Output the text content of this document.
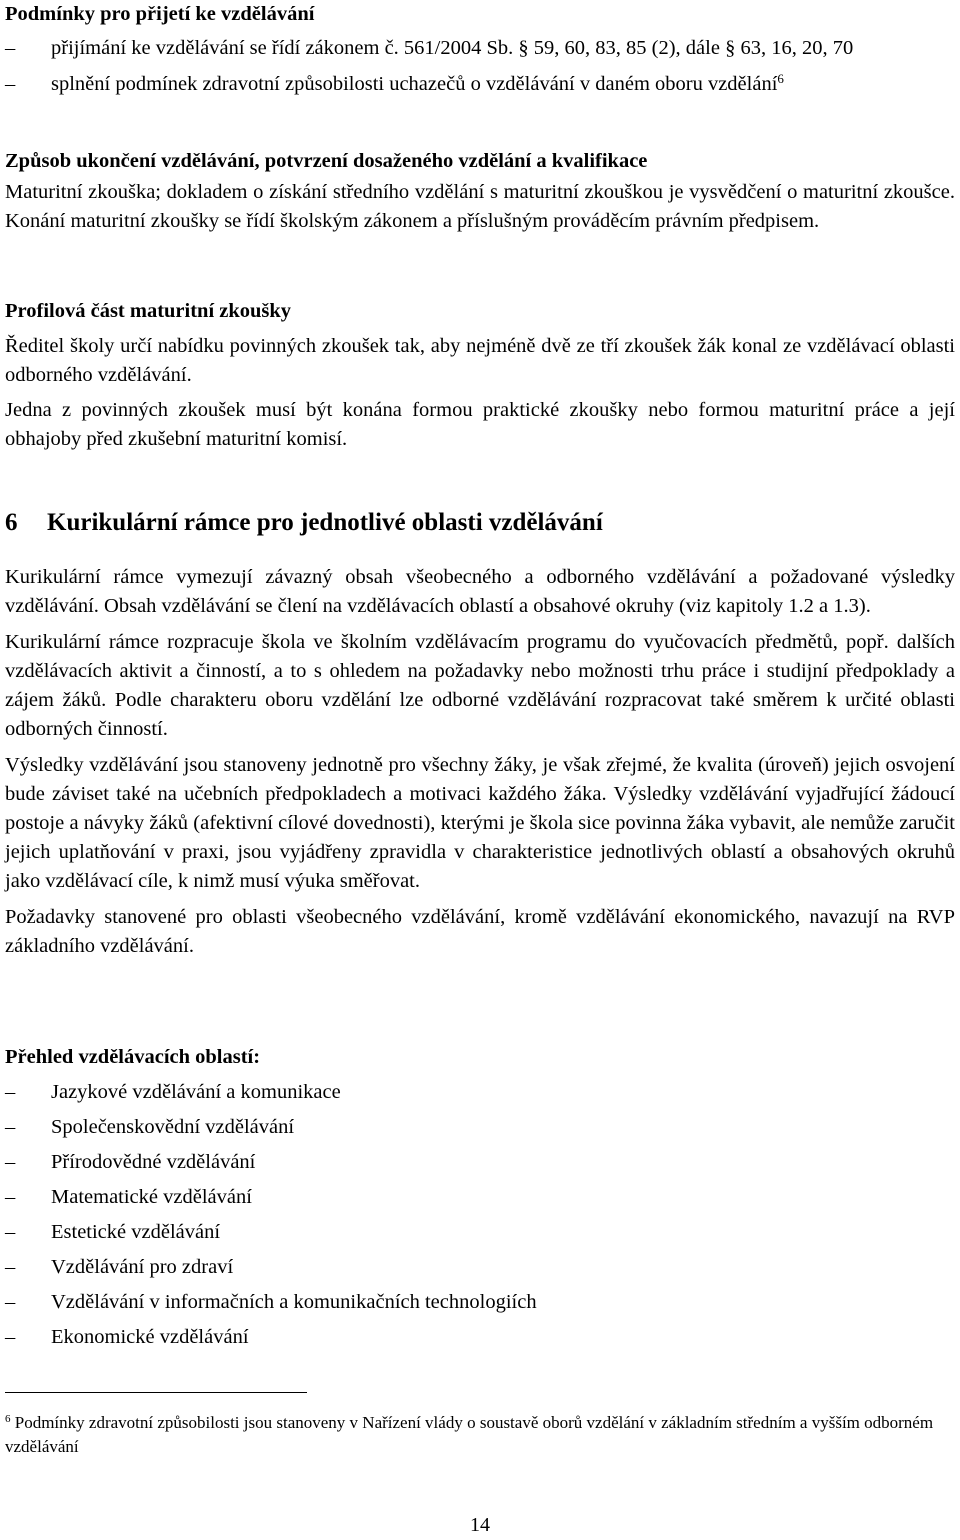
Podmínky pro přijetí ke vzdělávání

–	přijímání ke vzdělávání se řídí zákonem č. 561/2004 Sb. § 59, 60, 83, 85 (2), dále § 63, 16, 20, 70

–	splnění podmínek zdravotní způsobilosti uchazečů o vzdělávání v daném oboru vzdělání$^6$

Způsob ukončení vzdělávání, potvrzení dosaženého vzdělání a kvalifikace

Maturitní zkouška; dokladem o získání středního vzdělání s maturitní zkouškou je vysvědčení o maturitní zkoušce. Konání maturitní zkoušky se řídí školským zákonem a příslušným prováděcím právním předpisem.

Profilová část maturitní zkoušky

Ředitel školy určí nabídku povinných zkoušek tak, aby nejméně dvě ze tří zkoušek žák konal ze vzdělávací oblasti odborného vzdělávání.

Jedna z povinných zkoušek musí být konána formou praktické zkoušky nebo formou maturitní práce a její obhajoby před zkušební maturitní komisí.

6 Kurikulární rámce pro jednotlivé oblasti vzdělávání

Kurikulární rámce vymezují závazný obsah všeobecného a odborného vzdělávání a požadované výsledky vzdělávání. Obsah vzdělávání se člení na vzdělávacích oblastí a obsahové okruhy (viz kapitoly 1.2 a 1.3).

Kurikulární rámce rozpracuje škola ve školním vzdělávacím programu do vyučovacích předmětů, popř. dalších vzdělávacích aktivit a činností, a to s ohledem na požadavky nebo možnosti trhu práce i studijní předpoklady a zájem žáků. Podle charakteru oboru vzdělání lze odborné vzdělávání rozpracovat také směrem k určité oblasti odborných činností.

Výsledky vzdělávání jsou stanoveny jednotně pro všechny žáky, je však zřejmé, že kvalita (úroveň) jejich osvojení bude záviset také na učebních předpokladech a motivaci každého žáka. Výsledky vzdělávání vyjadřující žádoucí postoje a návyky žáků (afektivní cílové dovednosti), kterými je škola sice povinna žáka vybavit, ale nemůže zaručit jejich uplatňování v praxi, jsou vyjádřeny zpravidla v charakteristice jednotlivých oblastí a obsahových okruhů jako vzdělávací cíle, k nimž musí výuka směřovat.

Požadavky stanovené pro oblasti všeobecného vzdělávání, kromě vzdělávání ekonomického, navazují na RVP základního vzdělávání.

Přehled vzdělávacích oblastí:

–	Jazykové vzdělávání a komunikace
–	Společenskovědní vzdělávání
–	Přírodovědné vzdělávání
–	Matematické vzdělávání
–	Estetické vzdělávání
–	Vzdělávání pro zdraví
–	Vzdělávání v informačních a komunikačních technologiích
–	Ekonomické vzdělávání
$^6$ Podmínky zdravotní způsobilosti jsou stanoveny v Nařízení vlády o soustavě oborů vzdělání v základním středním a vyšším odborném vzdělávání
14
